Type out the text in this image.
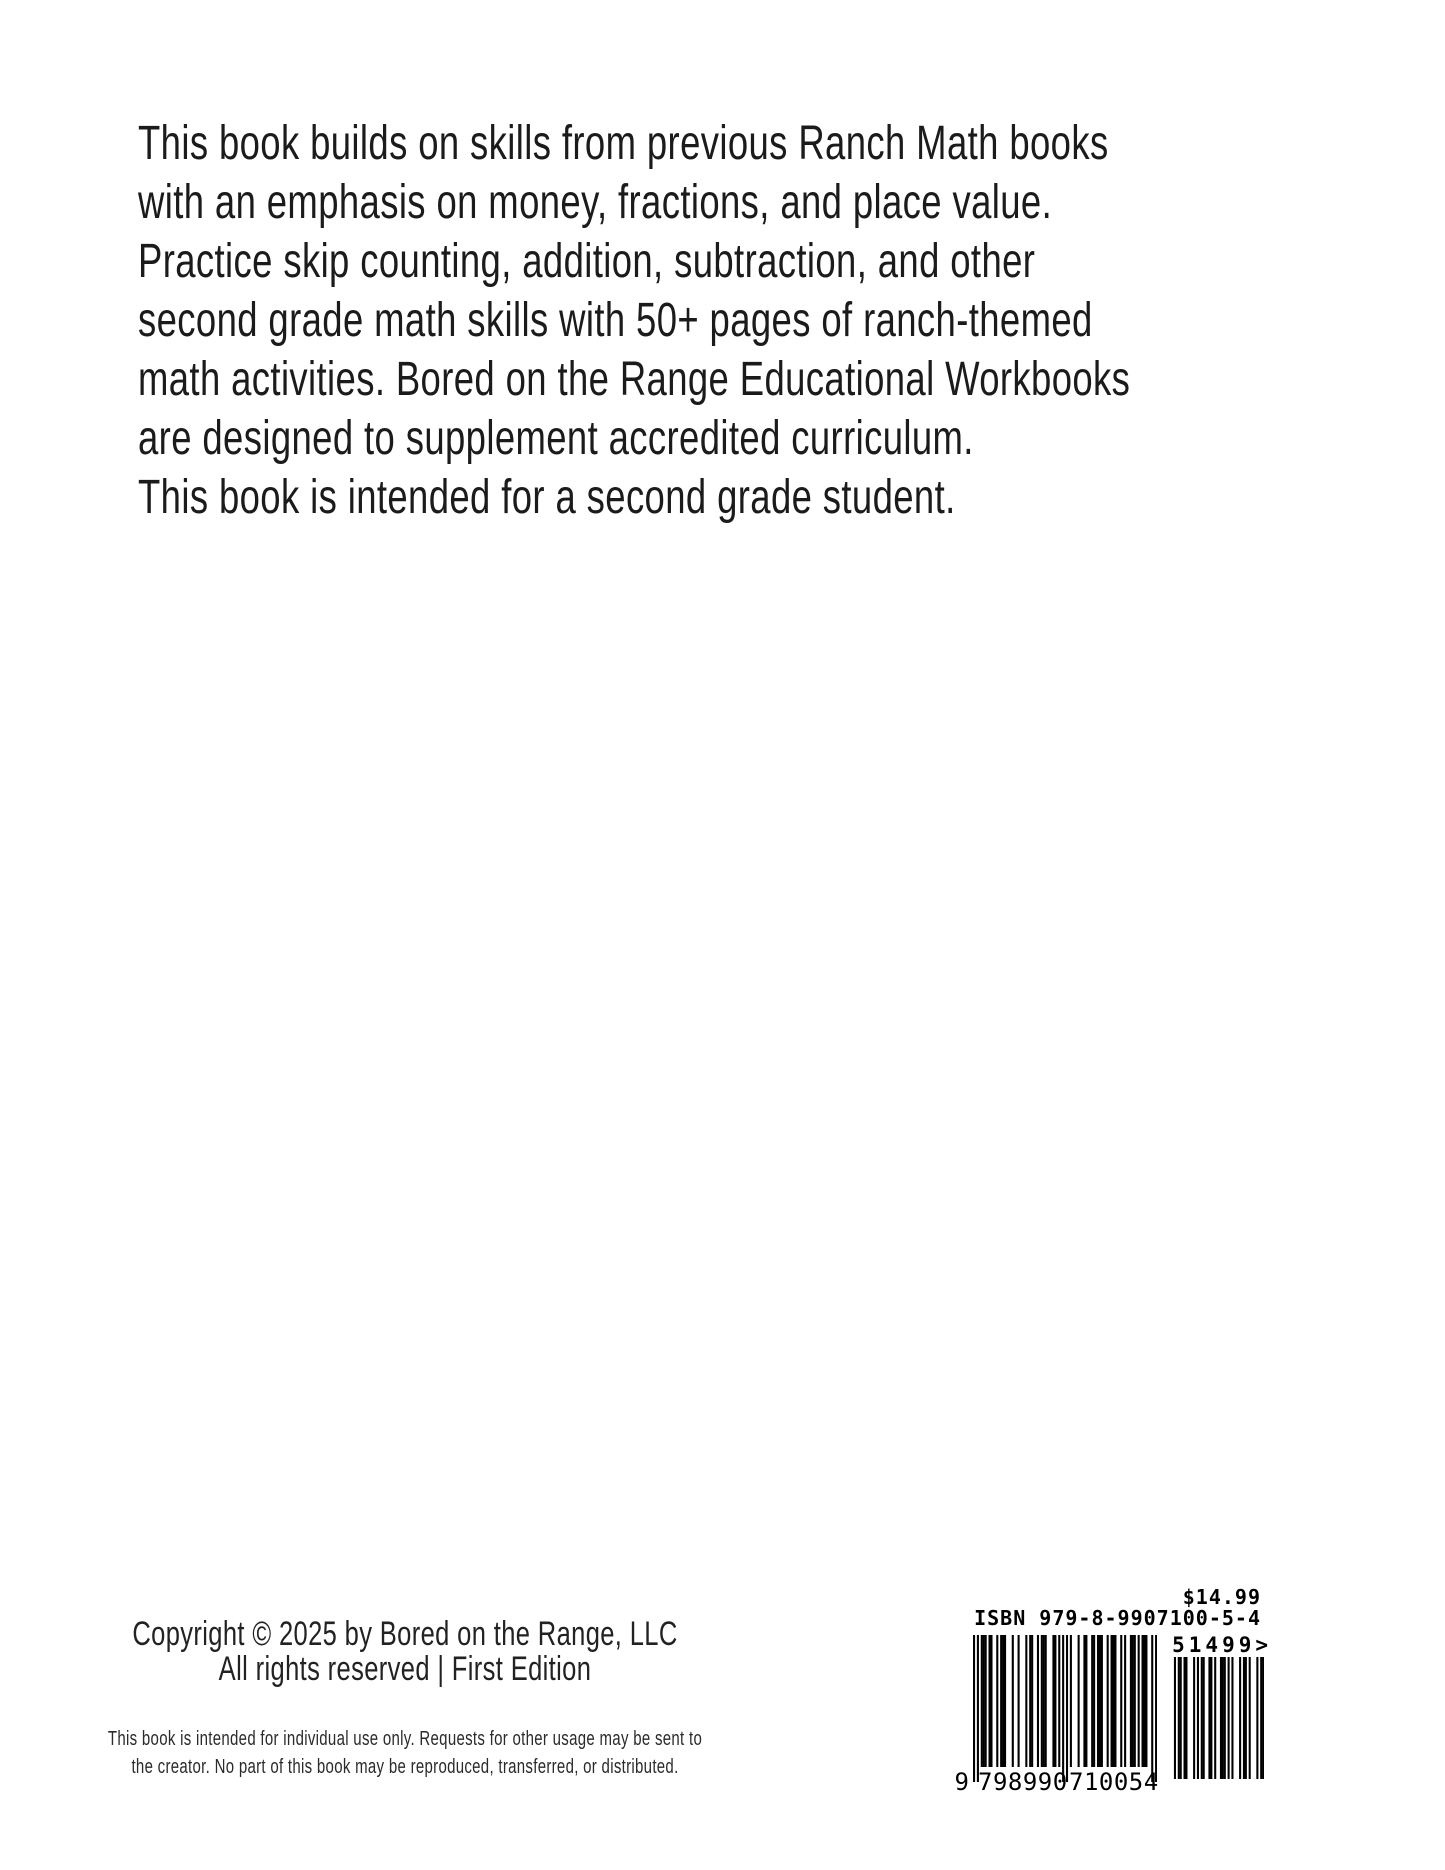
This book builds on skills from previous Ranch Math books
with an emphasis on money, fractions, and place value.
Practice skip counting, addition, subtraction, and other
second grade math skills with 50+ pages of ranch-themed
math activities. Bored on the Range Educational Workbooks
are designed to supplement accredited curriculum.
This book is intended for a second grade student.
Copyright © 2025 by Bored on the Range, LLC
All rights reserved | First Edition
This book is intended for individual use only. Requests for other usage may be sent to
the creator. No part of this book may be reproduced, transferred, or distributed.
$14.99
ISBN 979-8-9907100-5-4
9 798990 710054
51499>
